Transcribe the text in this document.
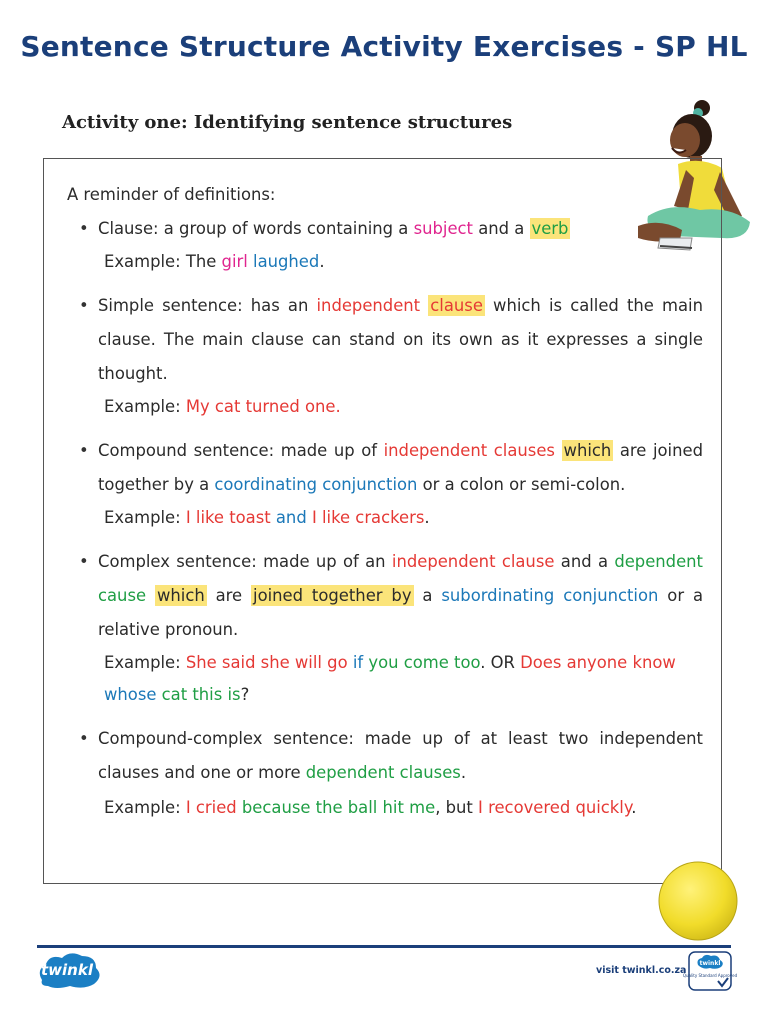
Sentence Structure Activity Exercises - SP HL
Activity one: Identifying sentence structures

A reminder of definitions:

• Clause: a group of words containing a subject and a verb

Example: The girl laughed.

• Simple sentence: has an independent clause which is called the main clause. The main clause can stand on its own as it expresses a single thought.

Example: My cat turned one.

• Compound sentence: made up of independent clauses which are joined together by a coordinating conjunction or a colon or semi-colon.

Example: I like toast and I like crackers.

• Complex sentence: made up of an independent clause and a dependent cause which are joined together by a subordinating conjunction or a relative pronoun.

Example: She said she will go if you come too. OR Does anyone know whose cat this is?

• Compound-complex sentence: made up of at least two independent clauses and one or more dependent clauses.

Example: I cried because the ball hit me, but I recovered quickly.

twinkl	visit twinkl.co.za
twinkl
Quality Standard Approved
